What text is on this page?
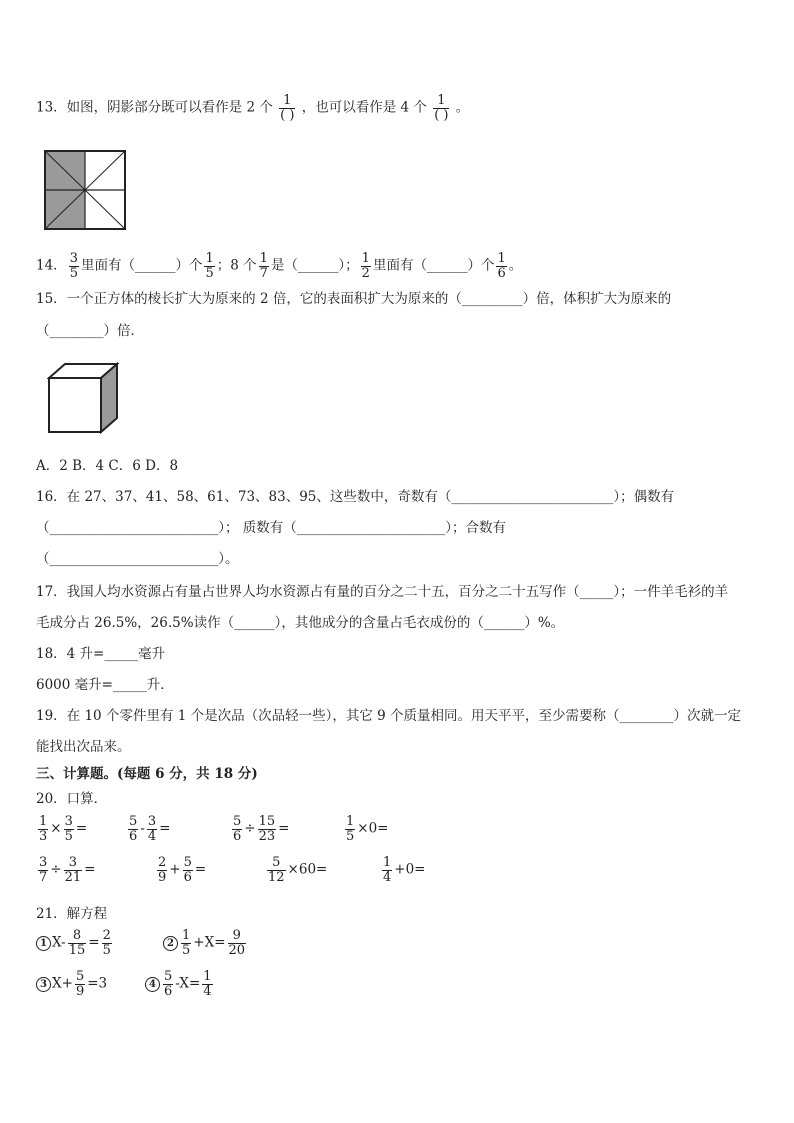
13．如图，阴影部分既可以看作是 2 个 $\frac{1}{( )}$ ，也可以看作是 4 个 $\frac{1}{( )}$ 。
14． $\frac{3}{5}$ 里面有（______）个 $\frac{1}{5}$ ；8 个 $\frac{1}{7}$ 是（______）； $\frac{1}{2}$ 里面有（______）个 $\frac{1}{6}$ 。
15．一个正方体的棱长扩大为原来的 2 倍，它的表面积扩大为原来的（_________）倍，体积扩大为原来的
（________）倍．
A．2 B．4 C．6 D．8
16．在 27、37、41、58、61、73、83、95、这些数中，奇数有（________________________）；偶数有
（_________________________）； 质数有（______________________）；合数有
（_________________________）。
17．我国人均水资源占有量占世界人均水资源占有量的百分之二十五，百分之二十五写作（_____）；一件羊毛衫的羊
毛成分占 26.5%，26.5%读作（______），其他成分的含量占毛衣成份的（______）%。
18．4 升=_____毫升
6000 毫升=_____升．
19．在 10 个零件里有 1 个是次品（次品轻一些），其它 9 个质量相同。用天平平，至少需要称（________）次就一定
能找出次品来。
三、计算题。(每题 6 分，共 18 分)
20．口算．
$\frac{1}{3} \times \frac{3}{5}$ =	$\frac{5}{6} - \frac{3}{4}$ =	$\frac{5}{6} \div \frac{15}{23}$ =	$\frac{1}{5} \times 0=$
$\frac{3}{7} \div \frac{3}{21}$ =	$\frac{2}{9} + \frac{5}{6}$ =	$\frac{5}{12} \times 60=$	$\frac{1}{4} +0=$
21．解方程
1 $X- \frac{8}{15} = \frac{2}{5}$	$2 \frac{1}{5} +X= \frac{9}{20}$
3 $X+ \frac{5}{9} =3$	$4 \frac{5}{6} -X= \frac{1}{4}$
